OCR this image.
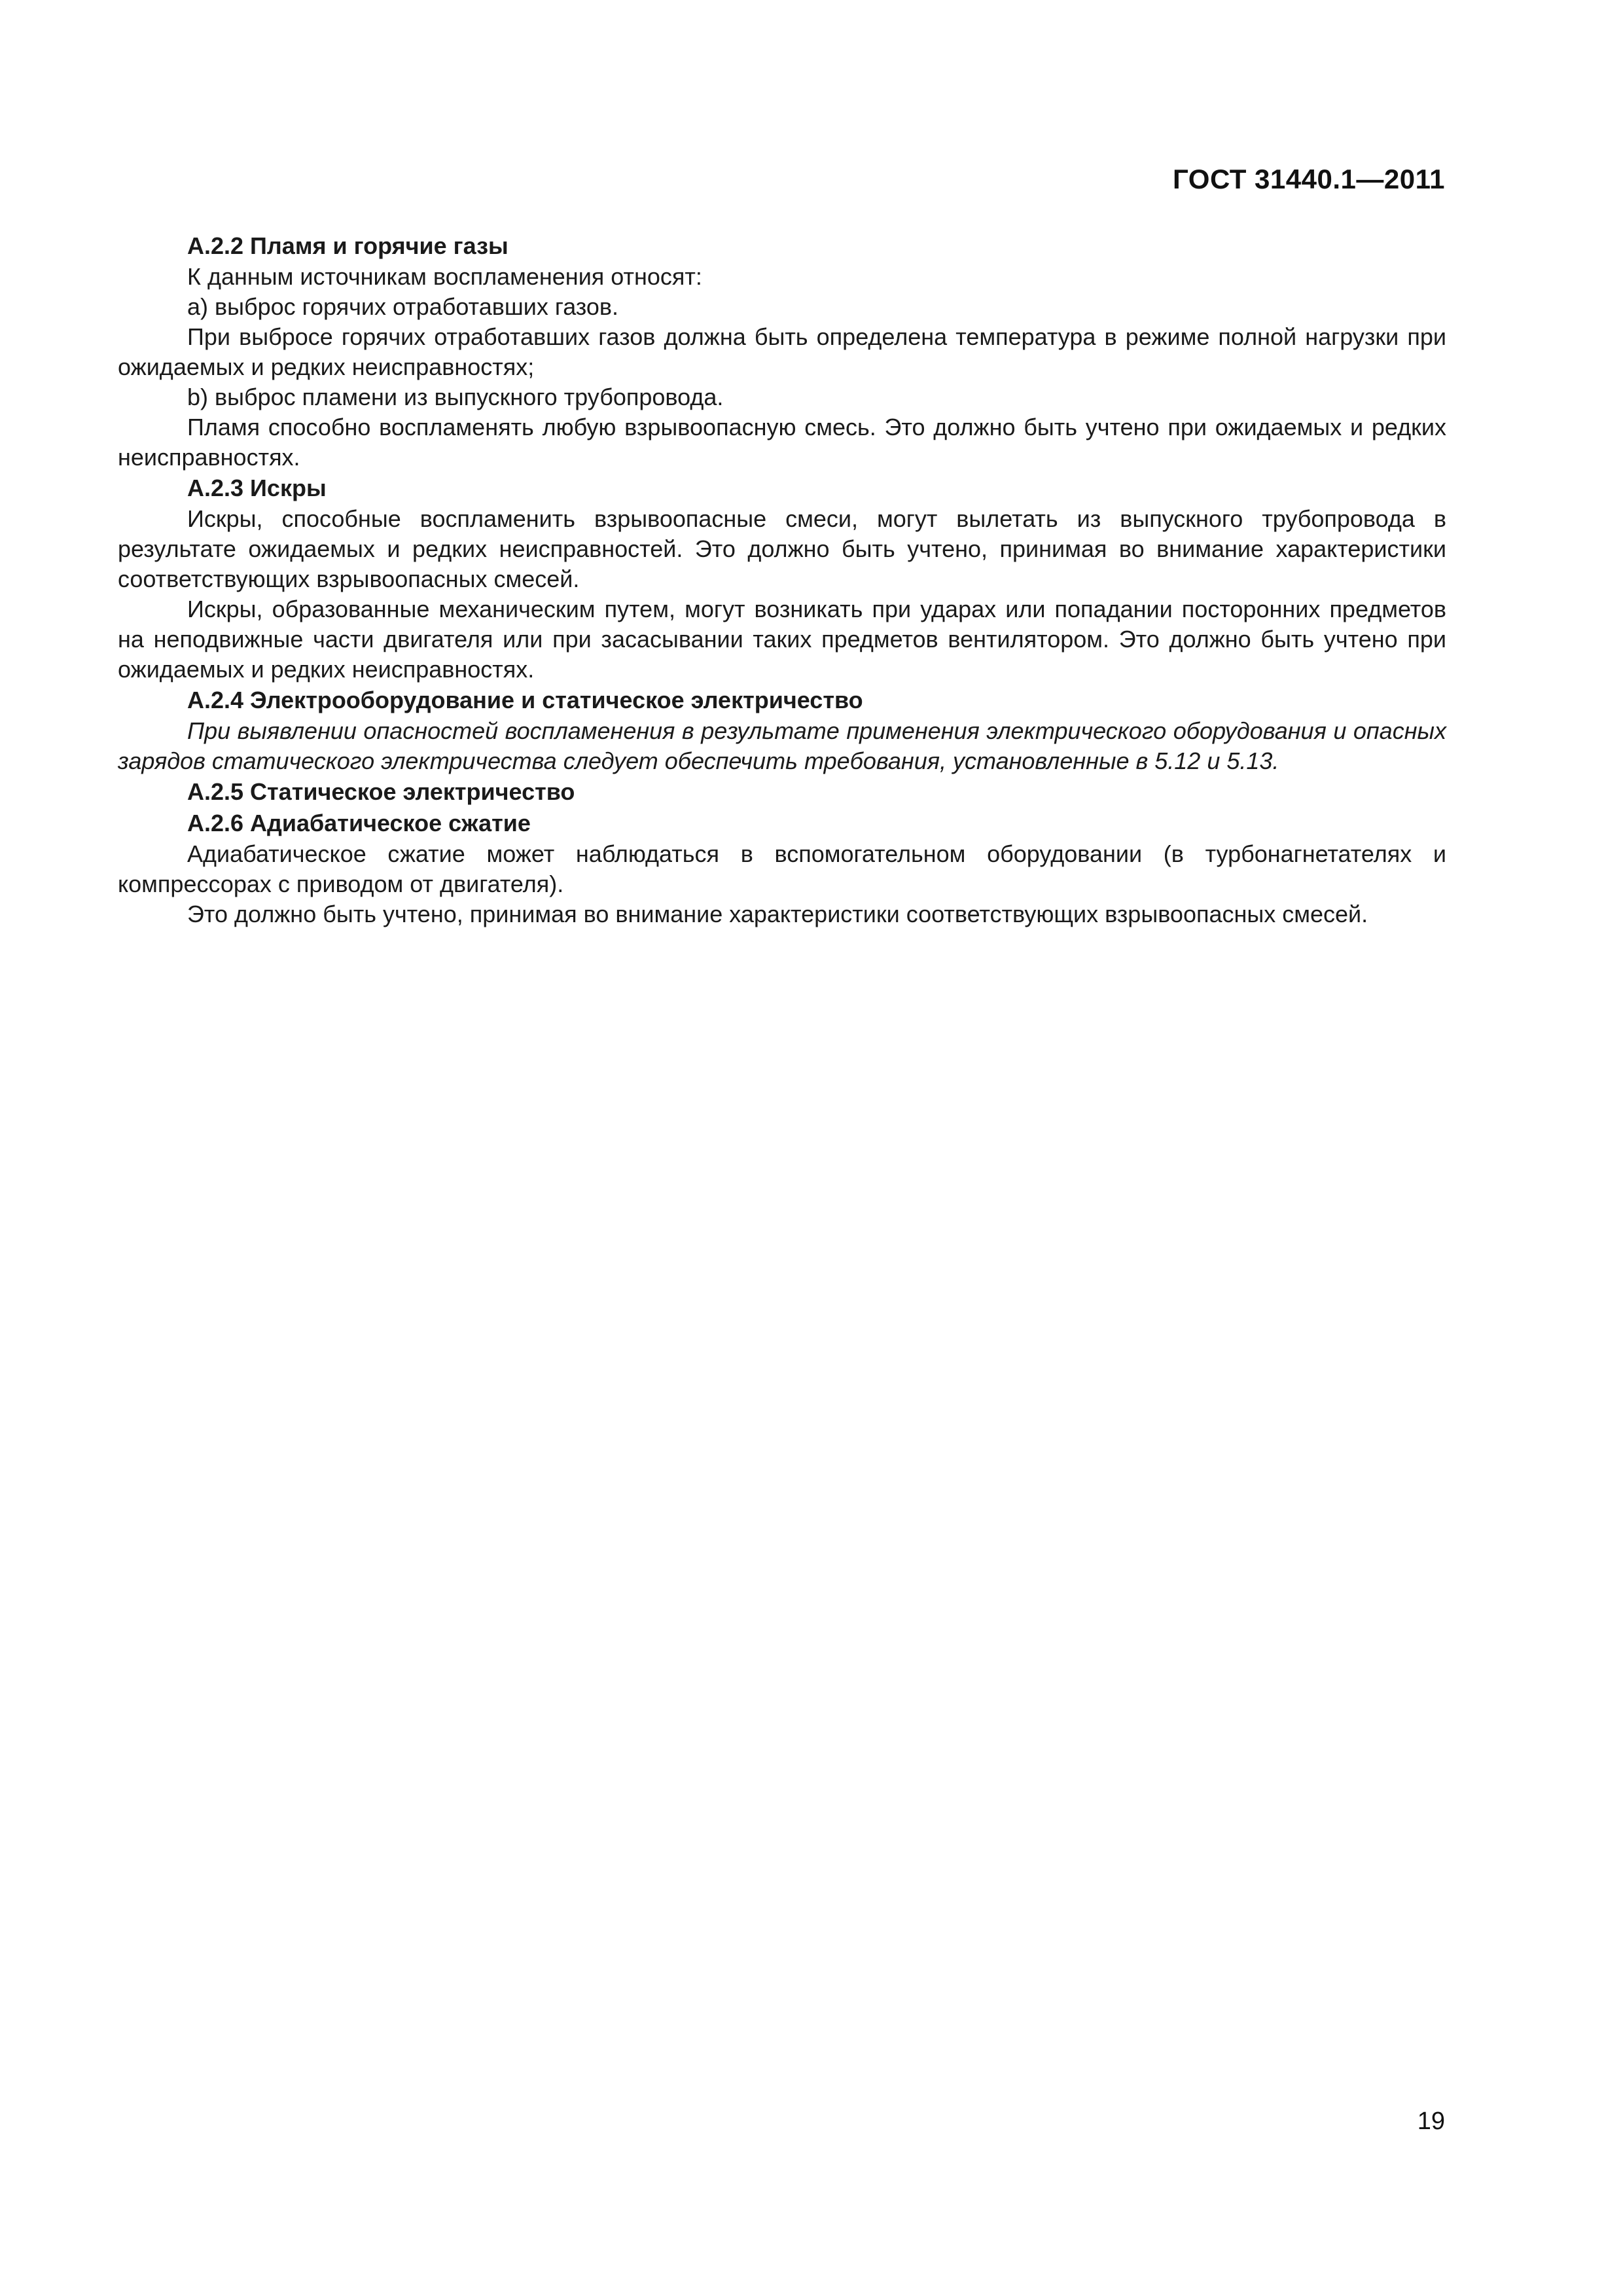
ГОСТ 31440.1—2011
А.2.2 Пламя и горячие газы

К данным источникам воспламенения относят:

а) выброс горячих отработавших газов.

При выбросе горячих отработавших газов должна быть определена температура в режиме полной нагрузки при ожидаемых и редких неисправностях;

b) выброс пламени из выпускного трубопровода.

Пламя способно воспламенять любую взрывоопасную смесь. Это должно быть учтено при ожидаемых и редких неисправностях.

А.2.3 Искры

Искры, способные воспламенить взрывоопасные смеси, могут вылетать из выпускного трубопровода в результате ожидаемых и редких неисправностей. Это должно быть учтено, принимая во внимание характеристики соответствующих взрывоопасных смесей.

Искры, образованные механическим путем, могут возникать при ударах или попадании посторонних предметов на неподвижные части двигателя или при засасывании таких предметов вентилятором. Это должно быть учтено при ожидаемых и редких неисправностях.

А.2.4 Электрооборудование и статическое электричество

При выявлении опасностей воспламенения в результате применения электрического оборудования и опасных зарядов статического электричества следует обеспечить требования, установленные в 5.12 и 5.13.

А.2.5 Статическое электричество
А.2.6 Адиабатическое сжатие

Адиабатическое сжатие может наблюдаться в вспомогательном оборудовании (в турбонагнетателях и компрессорах с приводом от двигателя).

Это должно быть учтено, принимая во внимание характеристики соответствующих взрывоопасных смесей.

19
